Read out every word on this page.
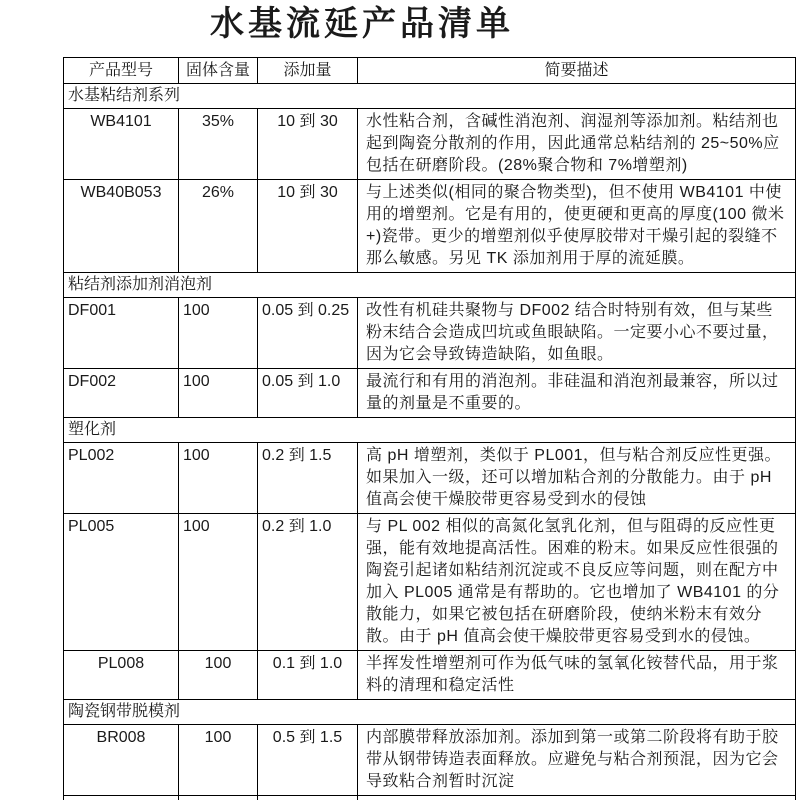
水基流延产品清单
产品型号	固体含量	添加量	简要描述
水基粘结剂系列			
WB4101	35%	10 到 30	水性粘合剂，含碱性消泡剂、润湿剂等添加剂。粘结剂也起到陶瓷分散剂的作用，因此通常总粘结剂的 25~50%应包括在研磨阶段。(28%聚合物和 7%增塑剂)
WB40B053	26%	10 到 30	与上述类似(相同的聚合物类型)，但不使用 WB4101 中使用的增塑剂。它是有用的，使更硬和更高的厚度(100 微米+)瓷带。更少的增塑剂似乎使厚胶带对干燥引起的裂缝不那么敏感。另见 TK 添加剂用于厚的流延膜。
粘结剂添加剂消泡剂			
DF001	100	0.05 到 0.25	改性有机硅共聚物与 DF002 结合时特别有效，但与某些粉末结合会造成凹坑或鱼眼缺陷。一定要小心不要过量，因为它会导致铸造缺陷，如鱼眼。
DF002	100	0.05 到 1.0	最流行和有用的消泡剂。非硅温和消泡剂最兼容，所以过量的剂量是不重要的。
塑化剂			
PL002	100	0.2 到 1.5	高 pH 增塑剂，类似于 PL001，但与粘合剂反应性更强。如果加入一级，还可以增加粘合剂的分散能力。由于 pH 值高会使干燥胶带更容易受到水的侵蚀
PL005	100	0.2 到 1.0	与 PL 002 相似的高氮化氢乳化剂，但与阻碍的反应性更强，能有效地提高活性。困难的粉末。如果反应性很强的陶瓷引起诸如粘结剂沉淀或不良反应等问题，则在配方中加入 PL005 通常是有帮助的。它也增加了 WB4101 的分散能力，如果它被包括在研磨阶段，使纳米粉末有效分散。由于 pH 值高会使干燥胶带更容易受到水的侵蚀。
PL008	100	0.1 到 1.0	半挥发性增塑剂可作为低气味的氢氧化铵替代品，用于浆料的清理和稳定活性
陶瓷钢带脱模剂			
BR008	100	0.5 到 1.5	内部膜带释放添加剂。添加到第一或第二阶段将有助于胶带从钢带铸造表面释放。应避免与粘合剂预混，因为它会导致粘合剂暂时沉淀
